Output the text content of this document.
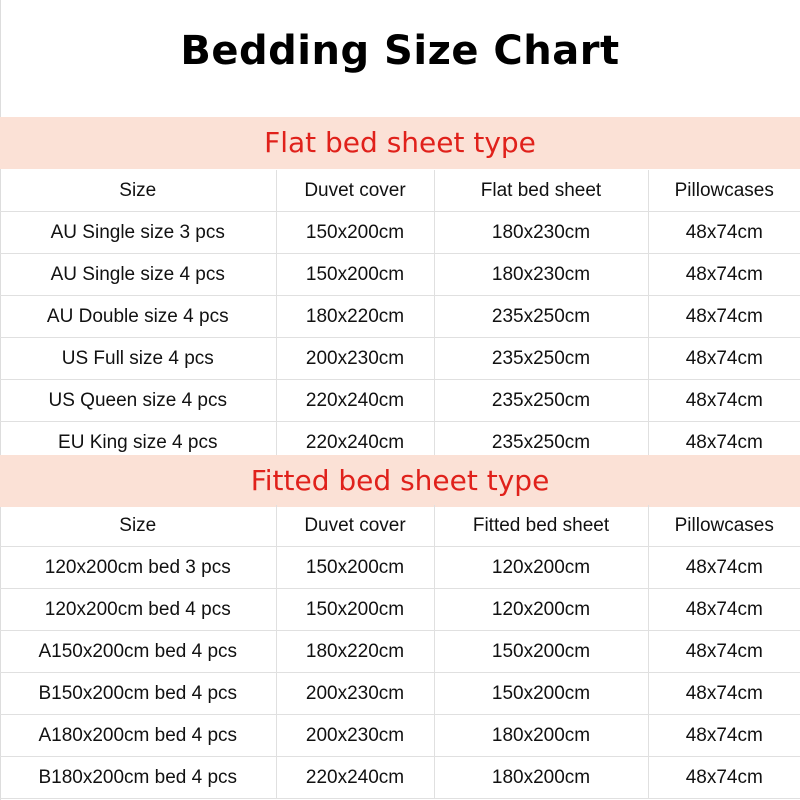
Bedding Size Chart
Flat bed sheet type
Size	Duvet cover	Flat bed sheet	Pillowcases
AU Single size 3 pcs	150x200cm	180x230cm	48x74cm
AU Single size 4 pcs	150x200cm	180x230cm	48x74cm
AU Double size 4 pcs	180x220cm	235x250cm	48x74cm
US Full size 4 pcs	200x230cm	235x250cm	48x74cm
US Queen size 4 pcs	220x240cm	235x250cm	48x74cm
EU King size 4 pcs	220x240cm	235x250cm	48x74cm
Fitted bed sheet type
Size	Duvet cover	Fitted bed sheet	Pillowcases
120x200cm bed 3 pcs	150x200cm	120x200cm	48x74cm
120x200cm bed 4 pcs	150x200cm	120x200cm	48x74cm
A150x200cm bed 4 pcs	180x220cm	150x200cm	48x74cm
B150x200cm bed 4 pcs	200x230cm	150x200cm	48x74cm
A180x200cm bed 4 pcs	200x230cm	180x200cm	48x74cm
B180x200cm bed 4 pcs	220x240cm	180x200cm	48x74cm
